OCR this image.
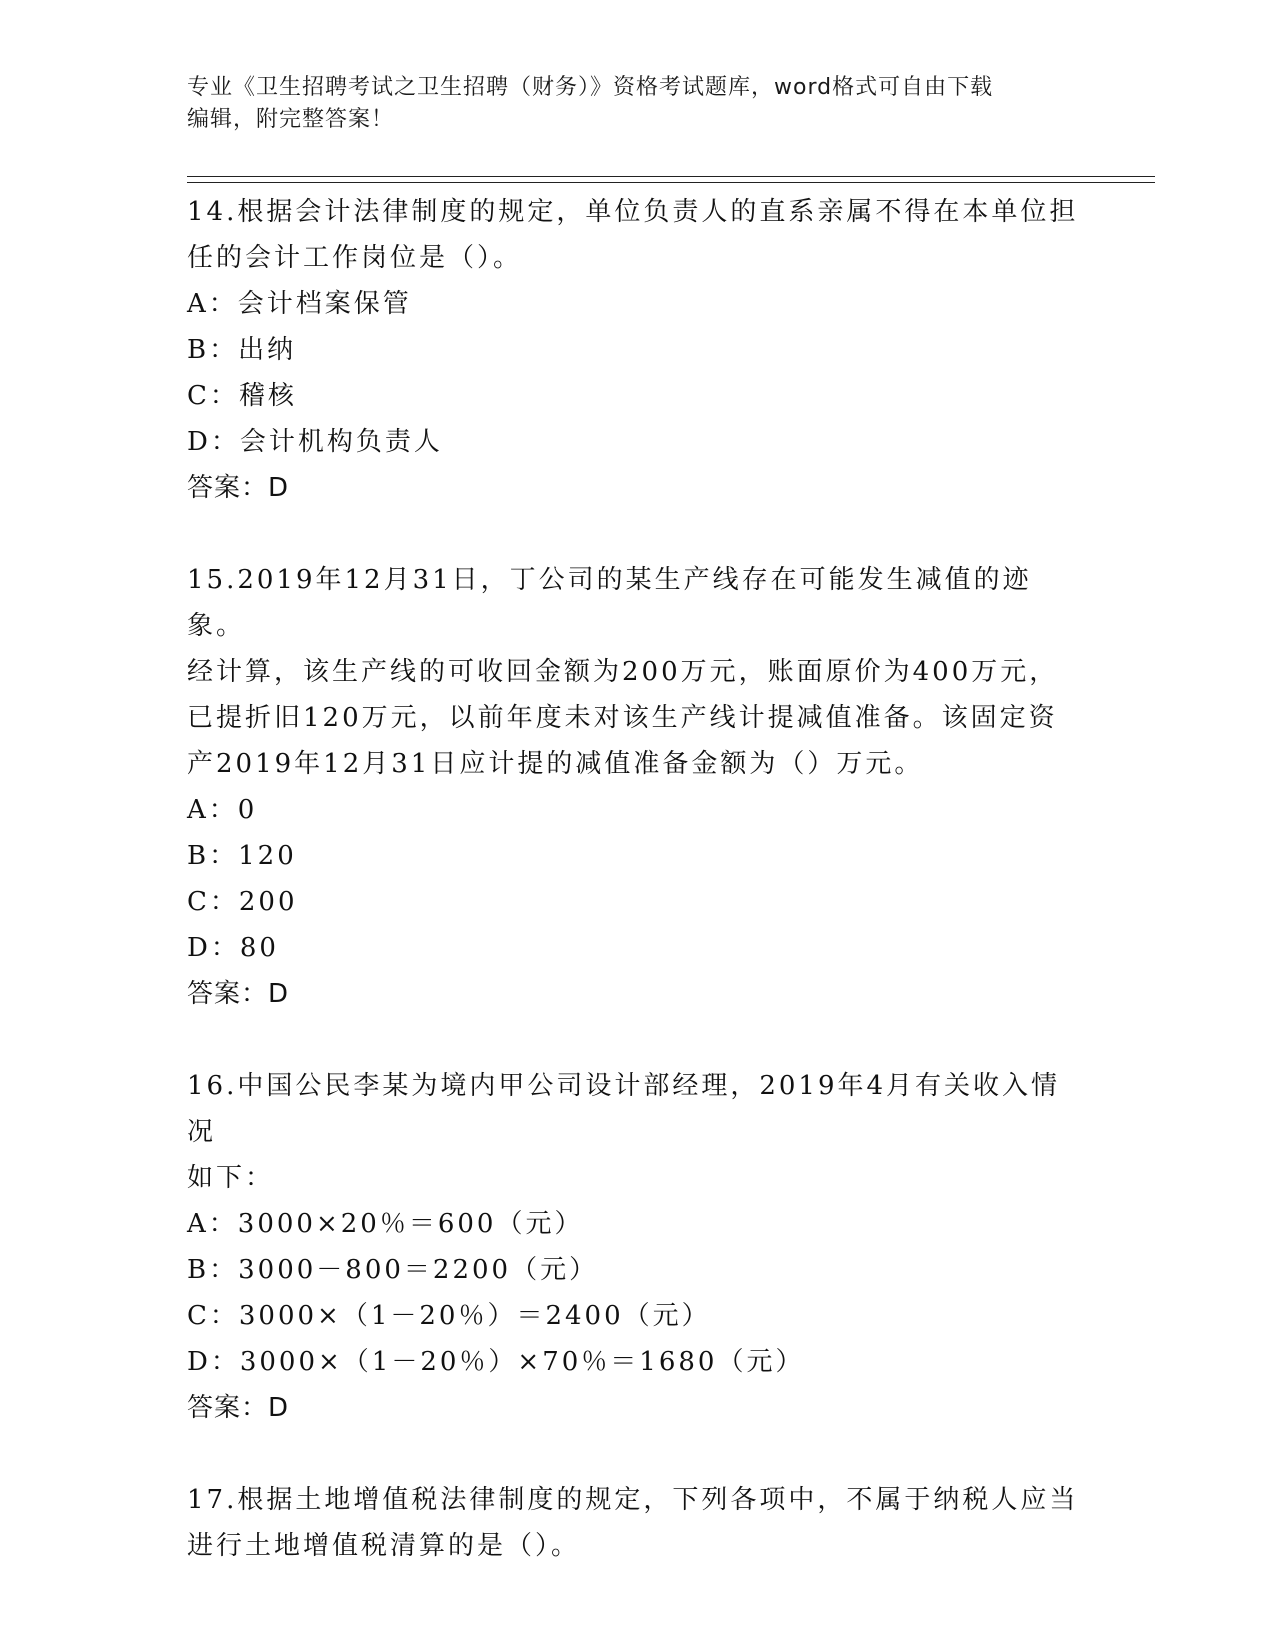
专业《卫生招聘考试之卫生招聘（财务）》资格考试题库，word格式可自由下载
编辑，附完整答案！
14.根据会计法律制度的规定，单位负责人的直系亲属不得在本单位担
任的会计工作岗位是（）。
A：会计档案保管
B：出纳
C：稽核
D：会计机构负责人
答案：D
15.2019年12月31日，丁公司的某生产线存在可能发生减值的迹象。
经计算，该生产线的可收回金额为200万元，账面原价为400万元，
已提折旧120万元，以前年度未对该生产线计提减值准备。该固定资
产2019年12月31日应计提的减值准备金额为（）万元。
A：0
B：120
C：200
D：80
答案：D
16.中国公民李某为境内甲公司设计部经理，2019年4月有关收入情况
如下：
A：3000×20％＝600（元）
B：3000－800＝2200（元）
C：3000×（1－20％）＝2400（元）
D：3000×（1－20％）×70％＝1680（元）
答案：D
17.根据土地增值税法律制度的规定，下列各项中，不属于纳税人应当
进行土地增值税清算的是（）。
